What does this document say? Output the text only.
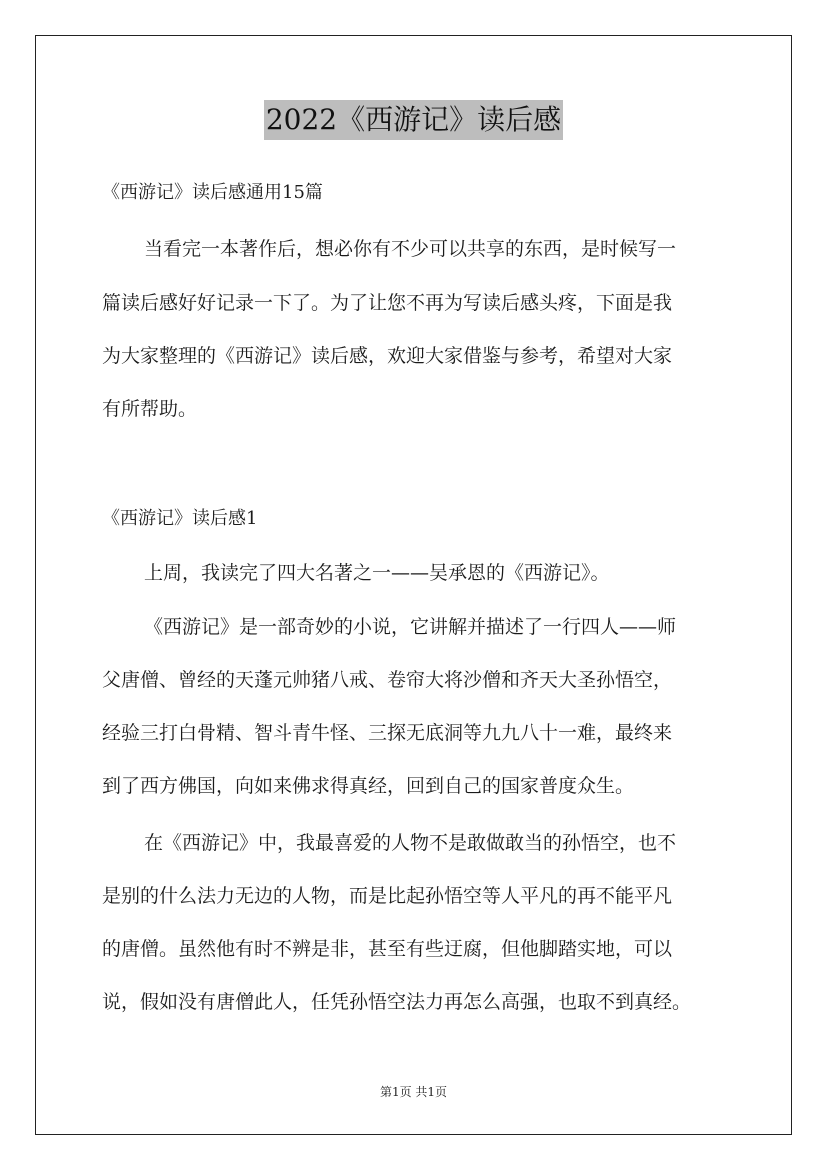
2022《西游记》读后感
《西游记》读后感通用15篇
当看完一本著作后，想必你有不少可以共享的东西，是时候写一
篇读后感好好记录一下了。为了让您不再为写读后感头疼，下面是我
为大家整理的《西游记》读后感，欢迎大家借鉴与参考，希望对大家
有所帮助。
《西游记》读后感1
上周，我读完了四大名著之一——吴承恩的《西游记》。
《西游记》是一部奇妙的小说，它讲解并描述了一行四人——师
父唐僧、曾经的天蓬元帅猪八戒、卷帘大将沙僧和齐天大圣孙悟空，
经验三打白骨精、智斗青牛怪、三探无底洞等九九八十一难，最终来
到了西方佛国，向如来佛求得真经，回到自己的国家普度众生。
在《西游记》中，我最喜爱的人物不是敢做敢当的孙悟空，也不
是别的什么法力无边的人物，而是比起孙悟空等人平凡的再不能平凡
的唐僧。虽然他有时不辨是非，甚至有些迂腐，但他脚踏实地，可以
说，假如没有唐僧此人，任凭孙悟空法力再怎么高强，也取不到真经。
第1页 共1页
